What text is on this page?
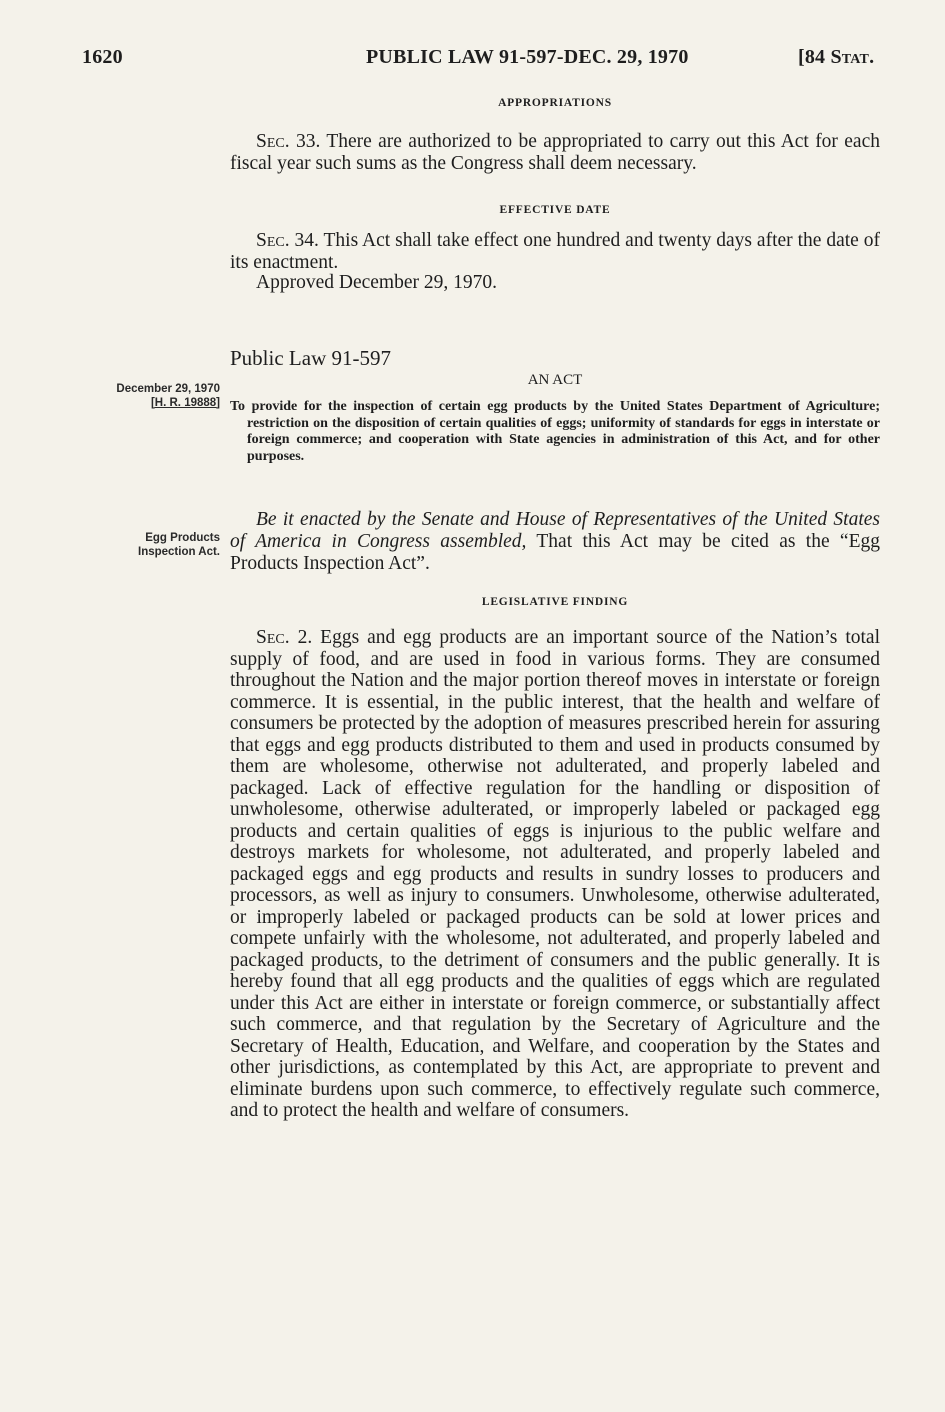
1620	PUBLIC LAW 91-597-DEC. 29, 1970	[84 Stat.
APPROPRIATIONS
Sec. 33. There are authorized to be appropriated to carry out this Act for each fiscal year such sums as the Congress shall deem necessary.
EFFECTIVE DATE
Sec. 34. This Act shall take effect one hundred and twenty days after the date of its enactment.
Approved December 29, 1970.
Public Law 91-597
December 29, 1970
[H. R. 19888]
AN ACT
To provide for the inspection of certain egg products by the United States Department of Agriculture; restriction on the disposition of certain qualities of eggs; uniformity of standards for eggs in interstate or foreign commerce; and cooperation with State agencies in administration of this Act, and for other purposes.
Egg Products
Inspection Act.
Be it enacted by the Senate and House of Representatives of the United States of America in Congress assembled, That this Act may be cited as the “Egg Products Inspection Act”.
LEGISLATIVE FINDING
Sec. 2. Eggs and egg products are an important source of the Nation’s total supply of food, and are used in food in various forms. They are consumed throughout the Nation and the major portion thereof moves in interstate or foreign commerce. It is essential, in the public interest, that the health and welfare of consumers be protected by the adoption of measures prescribed herein for assuring that eggs and egg products distributed to them and used in products consumed by them are wholesome, otherwise not adulterated, and properly labeled and packaged. Lack of effective regulation for the handling or disposition of unwholesome, otherwise adulterated, or improperly labeled or packaged egg products and certain qualities of eggs is injurious to the public welfare and destroys markets for wholesome, not adulterated, and properly labeled and packaged eggs and egg products and results in sundry losses to producers and processors, as well as injury to consumers. Unwholesome, otherwise adulterated, or improperly labeled or packaged products can be sold at lower prices and compete unfairly with the wholesome, not adulterated, and properly labeled and packaged products, to the detriment of consumers and the public generally. It is hereby found that all egg products and the qualities of eggs which are regulated under this Act are either in interstate or foreign commerce, or substantially affect such commerce, and that regulation by the Secretary of Agriculture and the Secretary of Health, Education, and Welfare, and cooperation by the States and other jurisdictions, as contemplated by this Act, are appropriate to prevent and eliminate burdens upon such commerce, to effectively regulate such commerce, and to protect the health and welfare of consumers.
